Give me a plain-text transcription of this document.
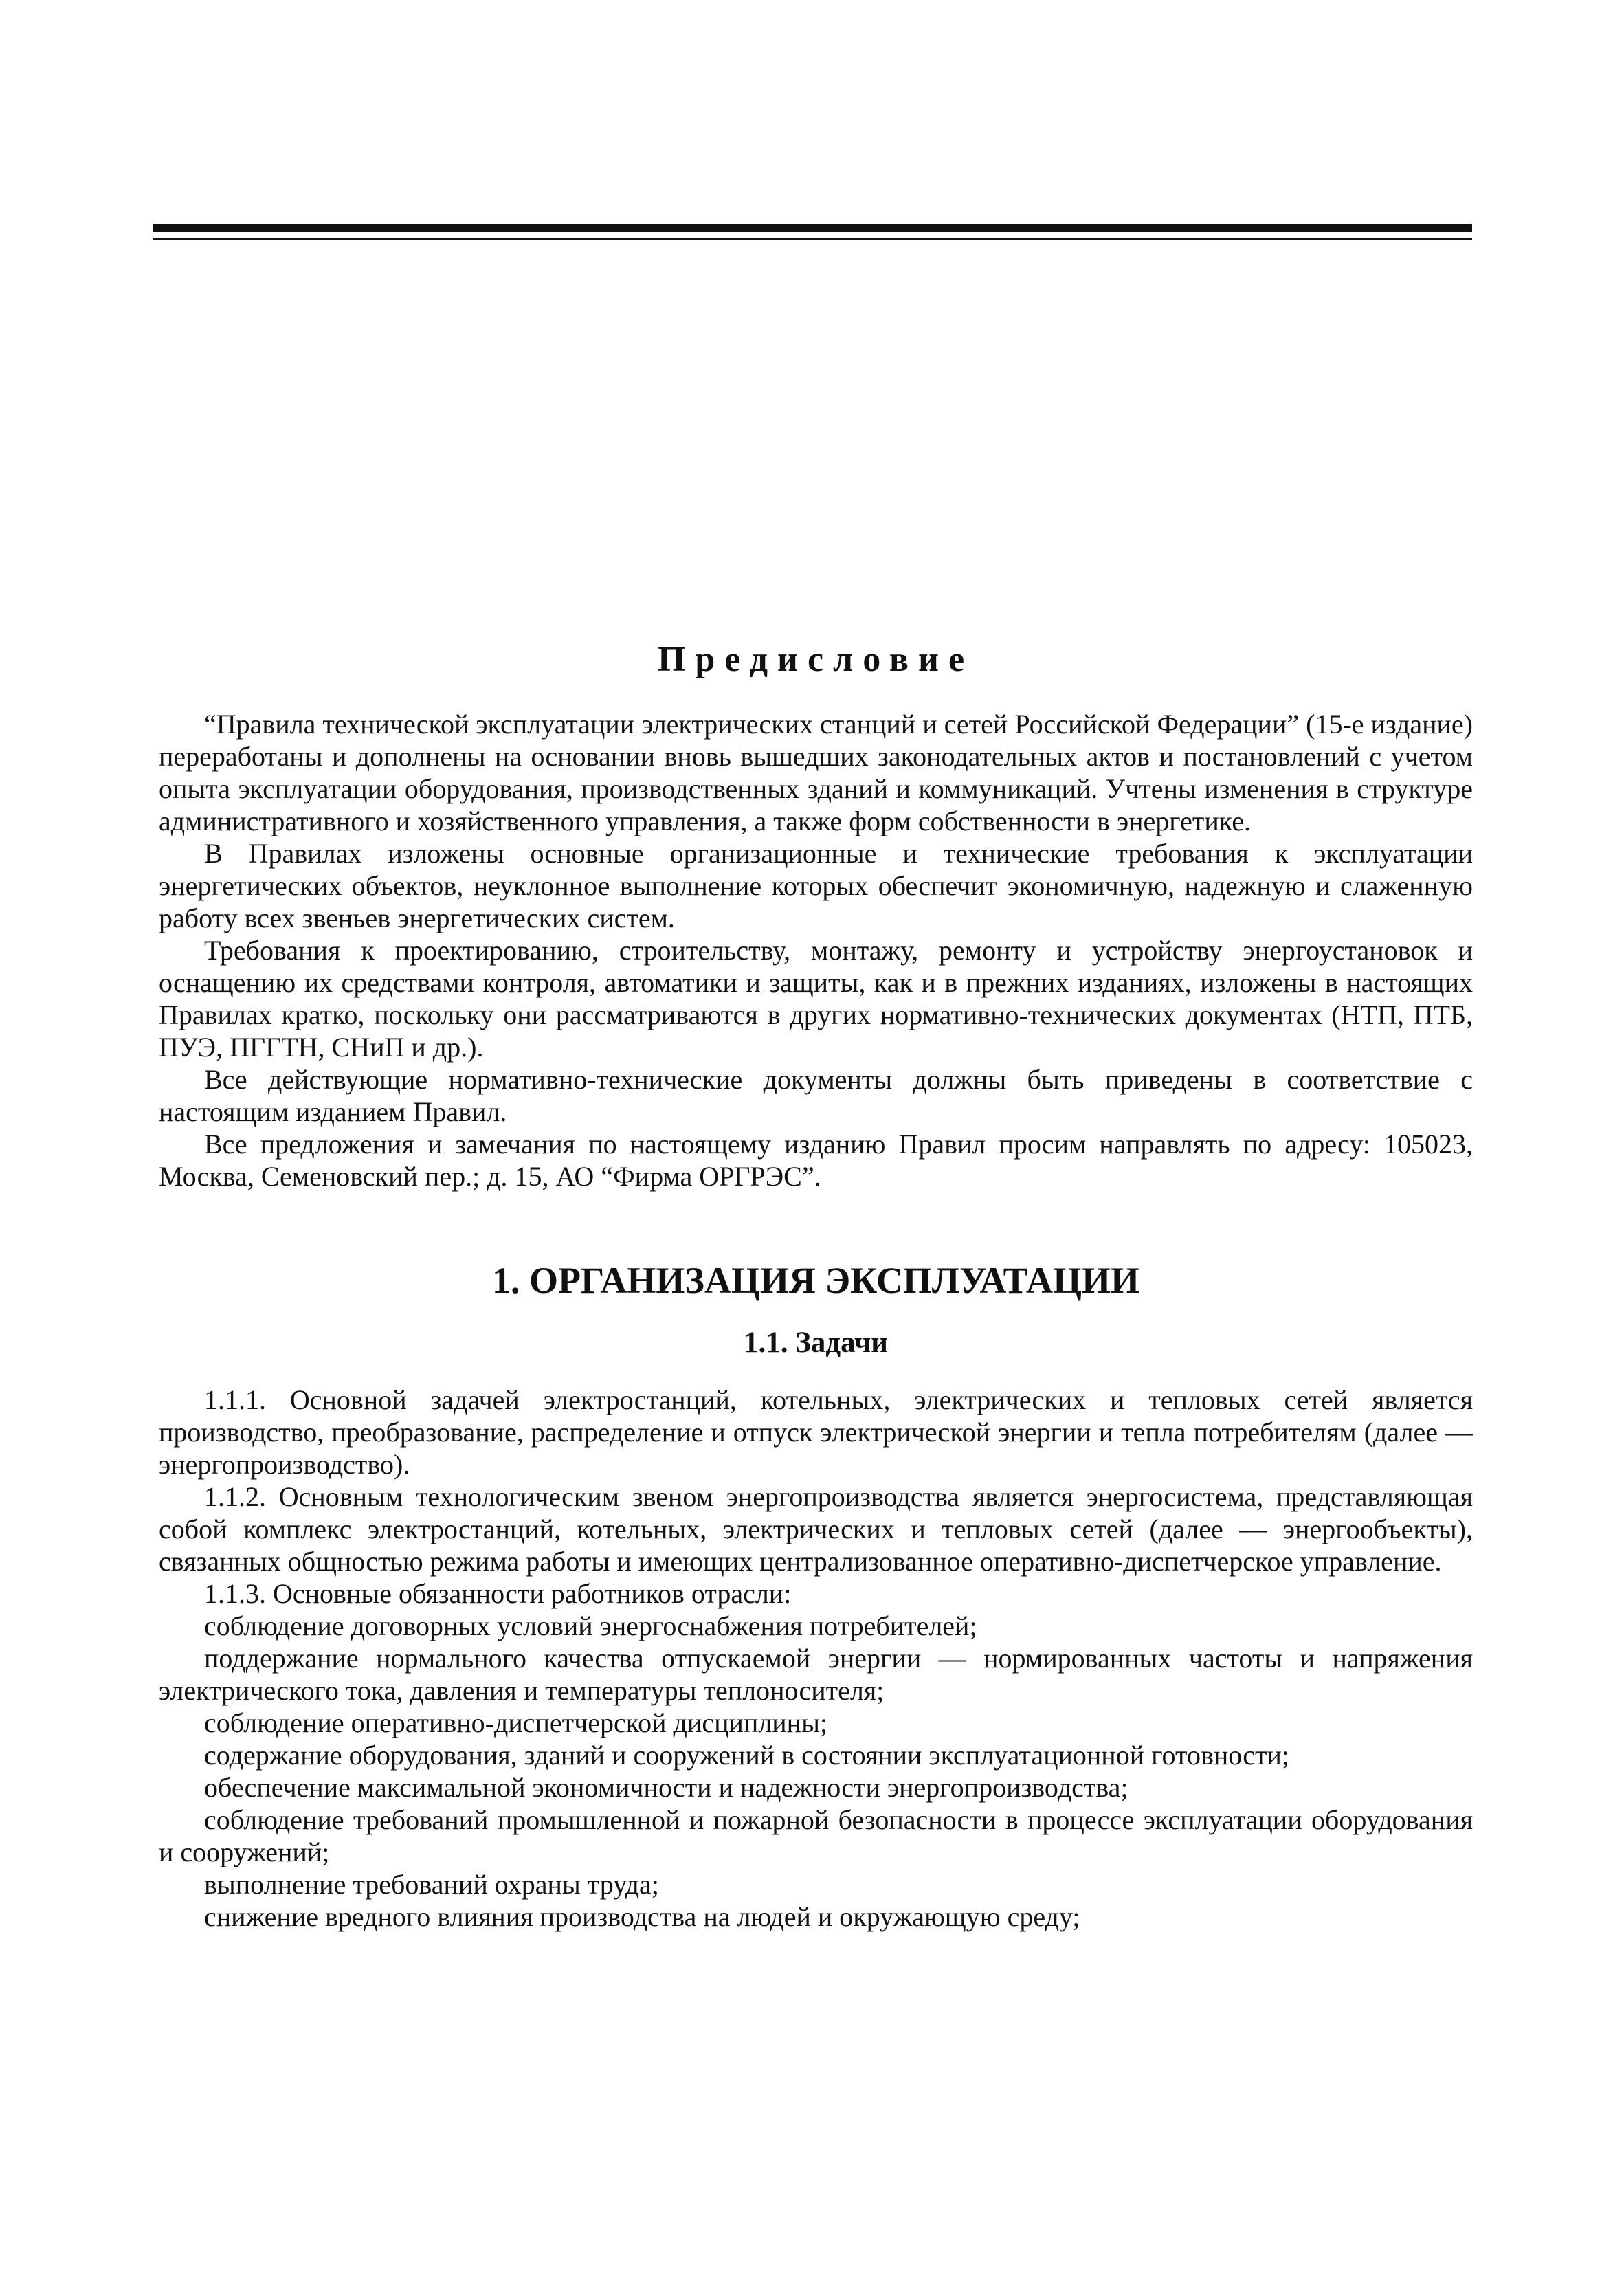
Предисловие

“Правила технической эксплуатации электрических станций и сетей Российской Федерации” (15-е издание) переработаны и дополнены на основании вновь вышедших законодательных актов и постановлений с учетом опыта эксплуатации оборудования, производственных зданий и коммуникаций. Учтены изменения в структуре административного и хозяйственного управления, а также форм собственности в энергетике.

В Правилах изложены основные организационные и технические требования к эксплуатации энергетических объектов, неуклонное выполнение которых обеспечит экономичную, надежную и слаженную работу всех звеньев энергетических систем.

Требования к проектированию, строительству, монтажу, ремонту и устройству энергоустановок и оснащению их средствами контроля, автоматики и защиты, как и в прежних изданиях, изложены в настоящих Правилах кратко, поскольку они рассматриваются в других нормативно-технических документах (НТП, ПТБ, ПУЭ, ПГГТН, СНиП и др.).

Все действующие нормативно-технические документы должны быть приведены в соответствие с настоящим изданием Правил.

Все предложения и замечания по настоящему изданию Правил просим направлять по адресу: 105023, Москва, Семеновский пер.; д. 15, АО “Фирма ОРГРЭС”.

1. ОРГАНИЗАЦИЯ ЭКСПЛУАТАЦИИ
1.1. Задачи

1.1.1. Основной задачей электростанций, котельных, электрических и тепловых сетей является производство, преобразование, распределение и отпуск электрической энергии и тепла потребителям (далее — энергопроизводство).

1.1.2. Основным технологическим звеном энергопроизводства является энергосистема, представляющая собой комплекс электростанций, котельных, электрических и тепловых сетей (далее — энергообъекты), связанных общностью режима работы и имеющих централизованное оперативно-диспетчерское управление.

1.1.3. Основные обязанности работников отрасли:

соблюдение договорных условий энергоснабжения потребителей;

поддержание нормального качества отпускаемой энергии — нормированных частоты и напряжения электрического тока, давления и температуры теплоносителя;

соблюдение оперативно-диспетчерской дисциплины;

содержание оборудования, зданий и сооружений в состоянии эксплуатационной готовности;

обеспечение максимальной экономичности и надежности энергопроизводства;

соблюдение требований промышленной и пожарной безопасности в процессе эксплуатации оборудования и сооружений;

выполнение требований охраны труда;

снижение вредного влияния производства на людей и окружающую среду;
